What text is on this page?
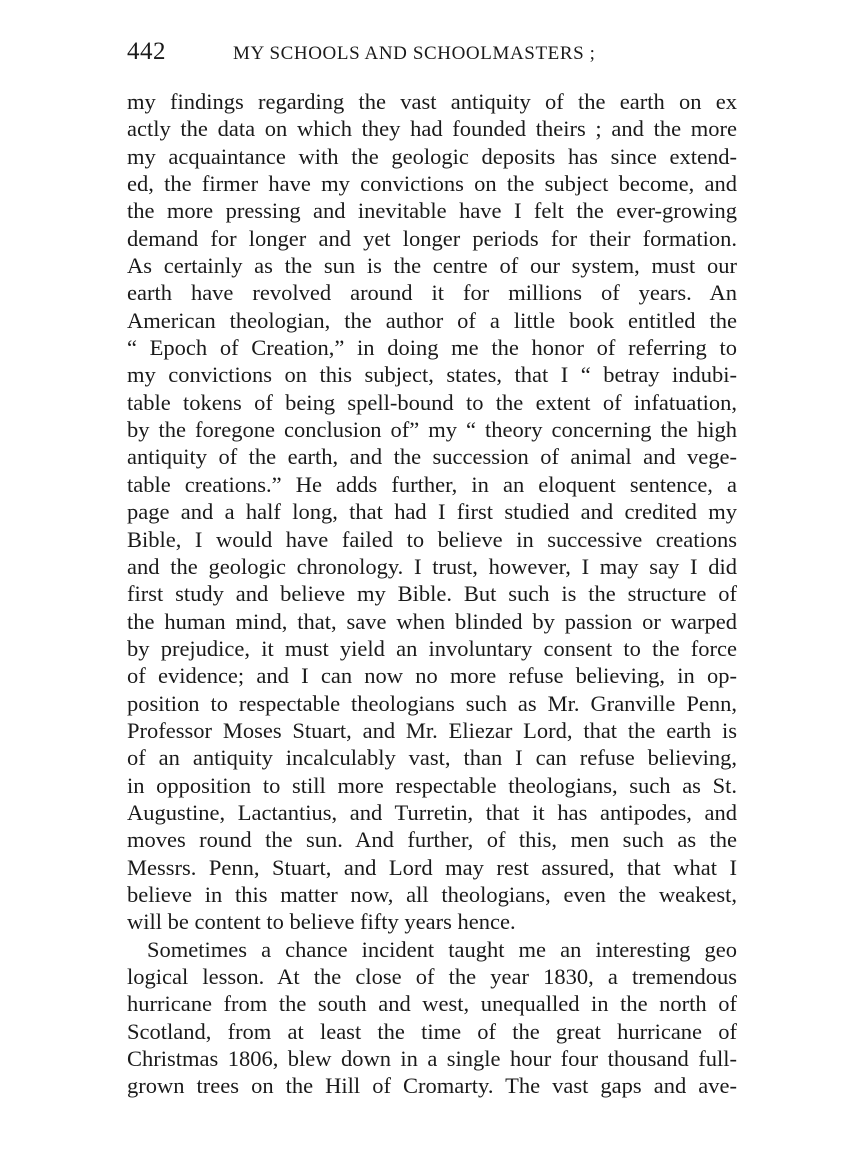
442	MY SCHOOLS AND SCHOOLMASTERS ;
my findings regarding the vast antiquity of the earth on ex
actly the data on which they had founded theirs ; and the more
my acquaintance with the geologic deposits has since extend-
ed, the firmer have my convictions on the subject become, and
the more pressing and inevitable have I felt the ever-growing
demand for longer and yet longer periods for their formation.
As certainly as the sun is the centre of our system, must our
earth have revolved around it for millions of years. An
American theologian, the author of a little book entitled the
“ Epoch of Creation,” in doing me the honor of referring to
my convictions on this subject, states, that I “ betray indubi-
table tokens of being spell-bound to the extent of infatuation,
by the foregone conclusion of” my “ theory concerning the high
antiquity of the earth, and the succession of animal and vege-
table creations.” He adds further, in an eloquent sentence, a
page and a half long, that had I first studied and credited my
Bible, I would have failed to believe in successive creations
and the geologic chronology. I trust, however, I may say I did
first study and believe my Bible. But such is the structure of
the human mind, that, save when blinded by passion or warped
by prejudice, it must yield an involuntary consent to the force
of evidence; and I can now no more refuse believing, in op-
position to respectable theologians such as Mr. Granville Penn,
Professor Moses Stuart, and Mr. Eliezar Lord, that the earth is
of an antiquity incalculably vast, than I can refuse believing,
in opposition to still more respectable theologians, such as St.
Augustine, Lactantius, and Turretin, that it has antipodes, and
moves round the sun. And further, of this, men such as the
Messrs. Penn, Stuart, and Lord may rest assured, that what I
believe in this matter now, all theologians, even the weakest,
will be content to believe fifty years hence.
Sometimes a chance incident taught me an interesting geo
logical lesson. At the close of the year 1830, a tremendous
hurricane from the south and west, unequalled in the north of
Scotland, from at least the time of the great hurricane of
Christmas 1806, blew down in a single hour four thousand full-
grown trees on the Hill of Cromarty. The vast gaps and ave-
